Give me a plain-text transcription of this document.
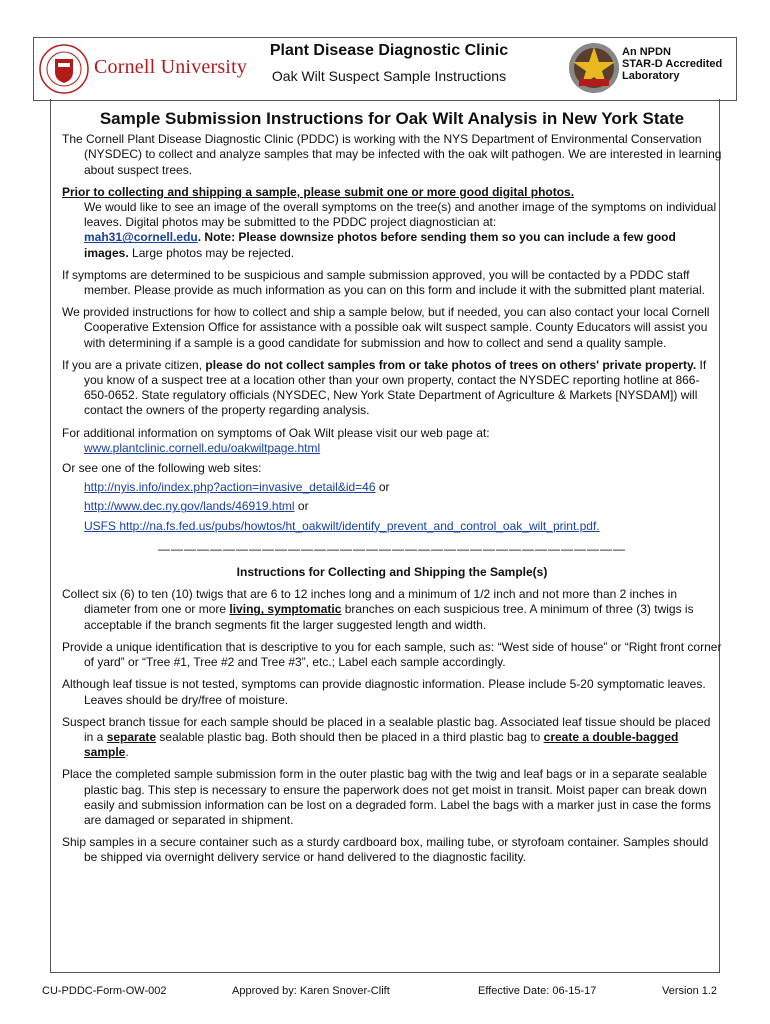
Cornell University
Plant Disease Diagnostic Clinic
Oak Wilt Suspect Sample Instructions
An NPDN
STAR-D Accredited
Laboratory
Sample Submission Instructions for Oak Wilt Analysis in New York State

The Cornell Plant Disease Diagnostic Clinic (PDDC) is working with the NYS Department of Environmental Conservation (NYSDEC) to collect and analyze samples that may be infected with the oak wilt pathogen. We are interested in learning about suspect trees.

Prior to collecting and shipping a sample, please submit one or more good digital photos.
We would like to see an image of the overall symptoms on the tree(s) and another image of the symptoms on individual leaves. Digital photos may be submitted to the PDDC project diagnostician at:
mah31@cornell.edu. Note: Please downsize photos before sending them so you can include a few good images. Large photos may be rejected.

If symptoms are determined to be suspicious and sample submission approved, you will be contacted by a PDDC staff member. Please provide as much information as you can on this form and include it with the submitted plant material.

We provided instructions for how to collect and ship a sample below, but if needed, you can also contact your local Cornell Cooperative Extension Office for assistance with a possible oak wilt suspect sample. County Educators will assist you with determining if a sample is a good candidate for submission and how to collect and send a quality sample.

If you are a private citizen, please do not collect samples from or take photos of trees on others' private property. If you know of a suspect tree at a location other than your own property, contact the NYSDEC reporting hotline at 866-650-0652. State regulatory officials (NYSDEC, New York State Department of Agriculture & Markets [NYSDAM]) will contact the owners of the property regarding analysis.

For additional information on symptoms of Oak Wilt please visit our web page at:

www.plantclinic.cornell.edu/oakwiltpage.html

Or see one of the following web sites:

http://nyis.info/index.php?action=invasive_detail&id=46 or

http://www.dec.ny.gov/lands/46919.html or

USFS http://na.fs.fed.us/pubs/howtos/ht_oakwilt/identify_prevent_and_control_oak_wilt_print.pdf.

————————————————————————————————————
Instructions for Collecting and Shipping the Sample(s)

Collect six (6) to ten (10) twigs that are 6 to 12 inches long and a minimum of 1/2 inch and not more than 2 inches in diameter from one or more living, symptomatic branches on each suspicious tree. A minimum of three (3) twigs is acceptable if the branch segments fit the larger suggested length and width.

Provide a unique identification that is descriptive to you for each sample, such as: “West side of house” or “Right front corner of yard” or “Tree #1, Tree #2 and Tree #3”, etc.; Label each sample accordingly.

Although leaf tissue is not tested, symptoms can provide diagnostic information. Please include 5-20 symptomatic leaves. Leaves should be dry/free of moisture.

Suspect branch tissue for each sample should be placed in a sealable plastic bag. Associated leaf tissue should be placed in a separate sealable plastic bag. Both should then be placed in a third plastic bag to create a double-bagged sample.

Place the completed sample submission form in the outer plastic bag with the twig and leaf bags or in a separate sealable plastic bag. This step is necessary to ensure the paperwork does not get moist in transit. Moist paper can break down easily and submission information can be lost on a degraded form. Label the bags with a marker just in case the forms are damaged or separated in shipment.

Ship samples in a secure container such as a sturdy cardboard box, mailing tube, or styrofoam container. Samples should be shipped via overnight delivery service or hand delivered to the diagnostic facility.

CU-PDDC-Form-OW-002	Approved by: Karen Snover-Clift	Effective Date: 06-15-17	Version 1.2
